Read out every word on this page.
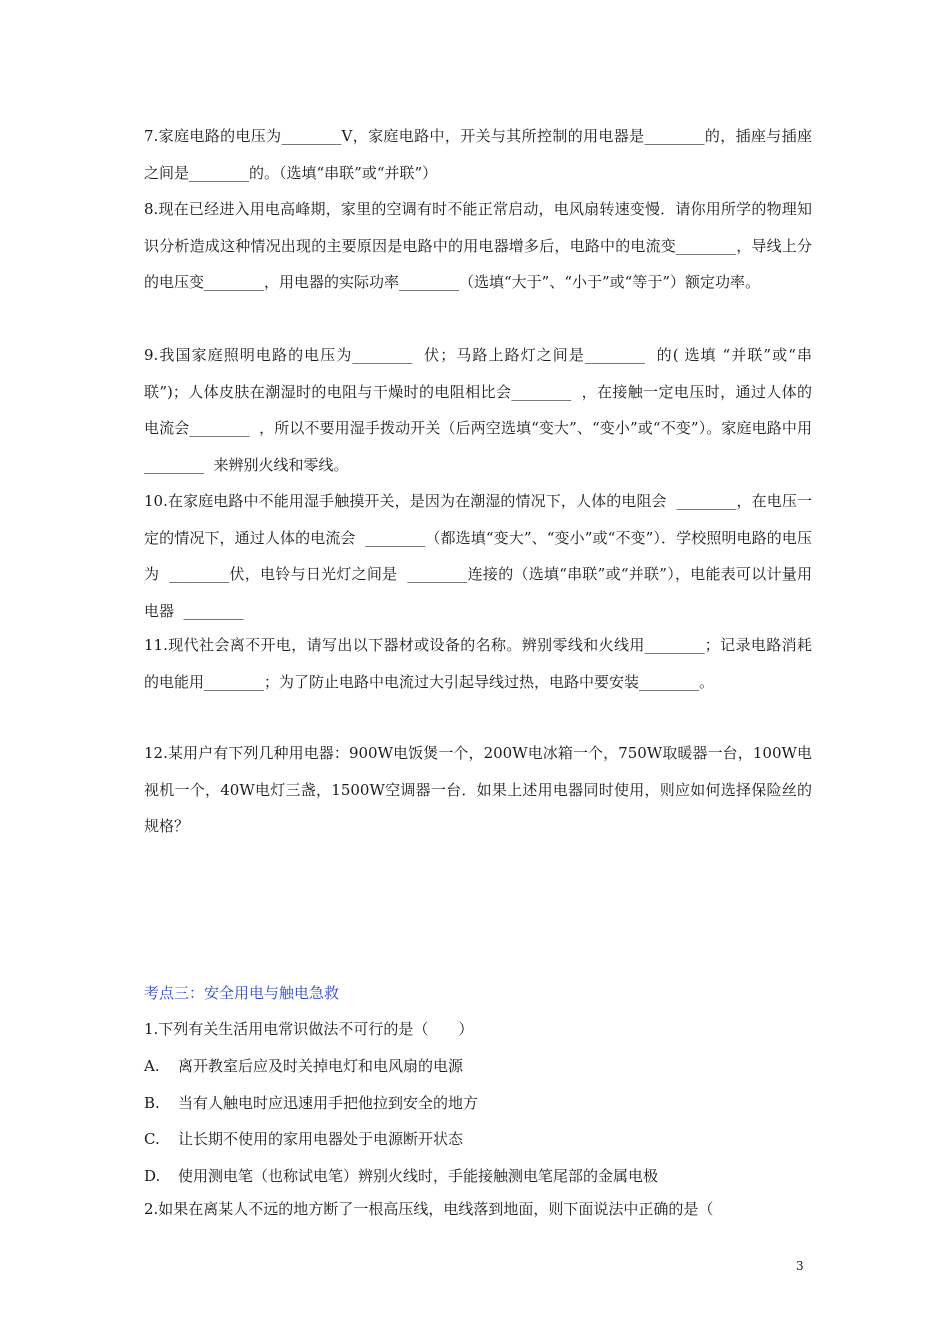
7.家庭电路的电压为________V，家庭电路中，开关与其所控制的用电器是________的，插座与插座之间是________的。（选填“串联”或“并联”）

8.现在已经进入用电高峰期，家里的空调有时不能正常启动，电风扇转速变慢．请你用所学的物理知识分析造成这种情况出现的主要原因是电路中的用电器增多后，电路中的电流变________，导线上分的电压变________，用电器的实际功率________（选填“大于”、“小于”或“等于”）额定功率。

9.我国家庭照明电路的电压为________  伏；马路上路灯之间是________  的( 选填 “并联”或“串联”)；人体皮肤在潮湿时的电阻与干燥时的电阻相比会________  ，在接触一定电压时，通过人体的电流会________  ，所以不要用湿手拨动开关（后两空选填“变大”、“变小”或“不变”）。家庭电路中用________  来辨别火线和零线。

10.在家庭电路中不能用湿手触摸开关，是因为在潮湿的情况下，人体的电阻会  ________，在电压一定的情况下，通过人体的电流会  ________（都选填“变大”、“变小”或“不变”）．学校照明电路的电压为  ________伏，电铃与日光灯之间是  ________连接的（选填“串联”或“并联”），电能表可以计量用电器  ________

11.现代社会离不开电，请写出以下器材或设备的名称。辨别零线和火线用________；记录电路消耗的电能用________；为了防止电路中电流过大引起导线过热，电路中要安装________。

12.某用户有下列几种用电器：900W电饭煲一个，200W电冰箱一个，750W取暖器一台，100W电视机一个，40W电灯三盏，1500W空调器一台．如果上述用电器同时使用，则应如何选择保险丝的规格？

考点三：安全用电与触电急救

1.下列有关生活用电常识做法不可行的是（　　）

A. 离开教室后应及时关掉电灯和电风扇的电源

B. 当有人触电时应迅速用手把他拉到安全的地方

C. 让长期不使用的家用电器处于电源断开状态

D. 使用测电笔（也称试电笔）辨别火线时，手能接触测电笔尾部的金属电极

2.如果在离某人不远的地方断了一根高压线，电线落到地面，则下面说法中正确的是（

3
